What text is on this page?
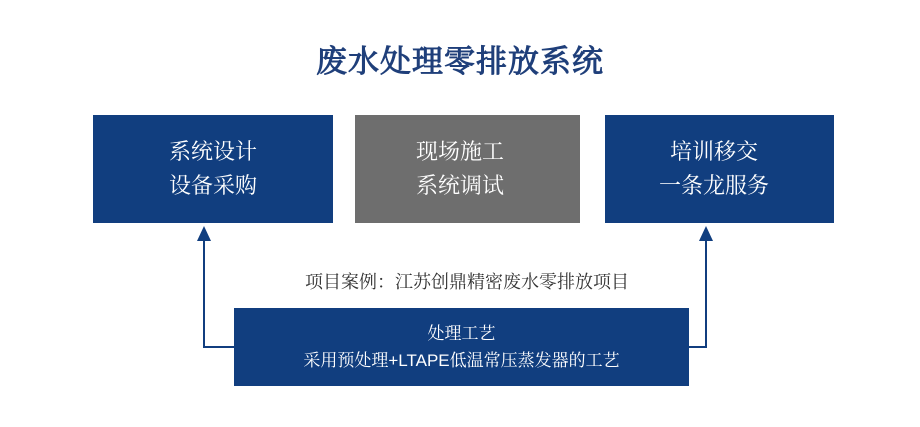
废水处理零排放系统
系统设计
设备采购
现场施工
系统调试
培训移交
一条龙服务
项目案例：江苏创鼎精密废水零排放项目
处理工艺
采用预处理+LTAPE低温常压蒸发器的工艺
